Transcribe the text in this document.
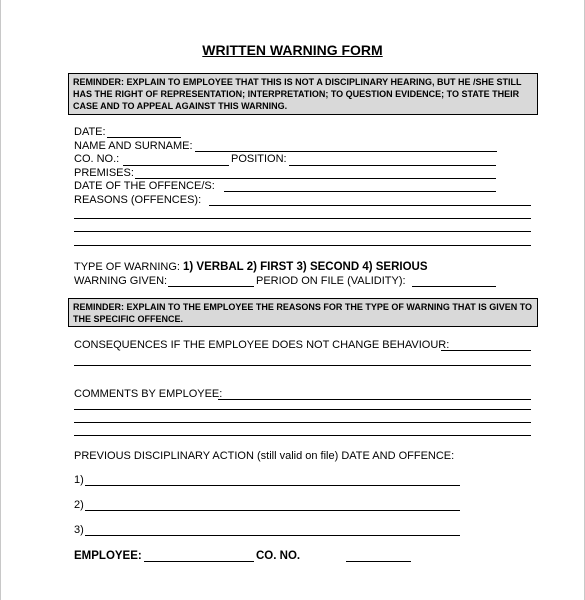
WRITTEN WARNING FORM
REMINDER: EXPLAIN TO EMPLOYEE THAT THIS IS NOT A DISCIPLINARY HEARING, BUT HE /SHE STILL HAS THE RIGHT OF REPRESENTATION; INTERPRETATION; TO QUESTION EVIDENCE; TO STATE THEIR CASE AND TO APPEAL AGAINST THIS WARNING.
DATE:
NAME AND SURNAME:
CO. NO.:	POSITION:
PREMISES:
DATE OF THE OFFENCE/S:
REASONS (OFFENCES):
TYPE OF WARNING: 1) VERBAL 2) FIRST 3) SECOND 4) SERIOUS
WARNING GIVEN:	PERIOD ON FILE (VALIDITY):
REMINDER: EXPLAIN TO THE EMPLOYEE THE REASONS FOR THE TYPE OF WARNING THAT IS GIVEN TO THE SPECIFIC OFFENCE.
CONSEQUENCES IF THE EMPLOYEE DOES NOT CHANGE BEHAVIOUR:
COMMENTS BY EMPLOYEE:
PREVIOUS DISCIPLINARY ACTION (still valid on file) DATE AND OFFENCE:
1)
2)
3)
EMPLOYEE:	CO. NO.
